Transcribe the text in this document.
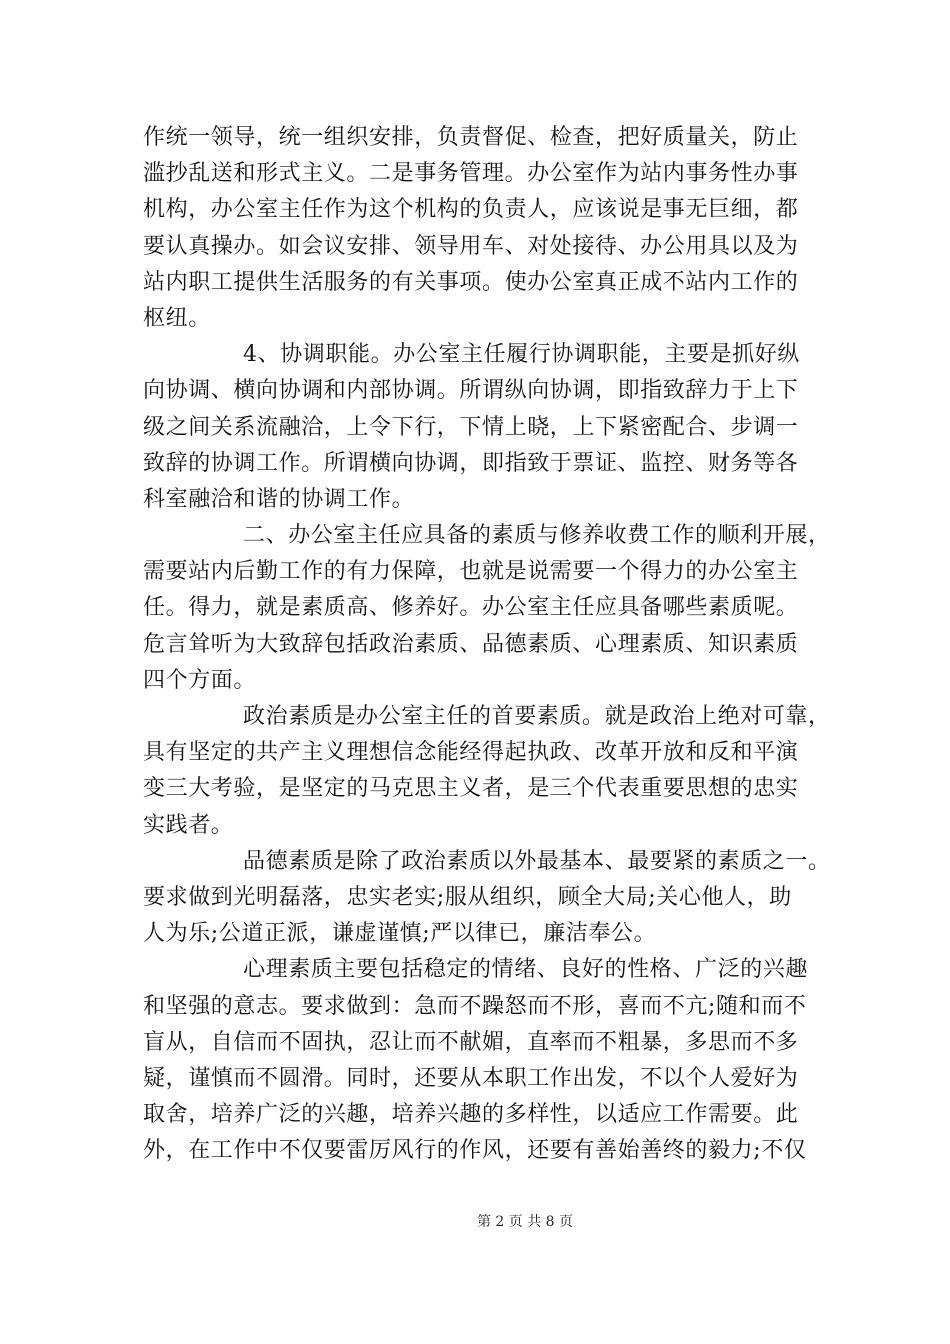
作统一领导，统一组织安排，负责督促、检查，把好质量关，防止
滥抄乱送和形式主义。二是事务管理。办公室作为站内事务性办事
机构，办公室主任作为这个机构的负责人，应该说是事无巨细，都
要认真操办。如会议安排、领导用车、对处接待、办公用具以及为
站内职工提供生活服务的有关事项。使办公室真正成不站内工作的
枢纽。
4、协调职能。办公室主任履行协调职能，主要是抓好纵
向协调、横向协调和内部协调。所谓纵向协调，即指致辞力于上下
级之间关系流融洽，上令下行，下情上晓，上下紧密配合、步调一
致辞的协调工作。所谓横向协调，即指致于票证、监控、财务等各
科室融洽和谐的协调工作。
二、办公室主任应具备的素质与修养收费工作的顺利开展，
需要站内后勤工作的有力保障，也就是说需要一个得力的办公室主
任。得力，就是素质高、修养好。办公室主任应具备哪些素质呢。
危言耸听为大致辞包括政治素质、品德素质、心理素质、知识素质
四个方面。
政治素质是办公室主任的首要素质。就是政治上绝对可靠，
具有坚定的共产主义理想信念能经得起执政、改革开放和反和平演
变三大考验，是坚定的马克思主义者，是三个代表重要思想的忠实
实践者。
品德素质是除了政治素质以外最基本、最要紧的素质之一。
要求做到光明磊落，忠实老实;服从组织，顾全大局;关心他人，助
人为乐;公道正派，谦虚谨慎;严以律已，廉洁奉公。
心理素质主要包括稳定的情绪、良好的性格、广泛的兴趣
和坚强的意志。要求做到：急而不躁怒而不形，喜而不亢;随和而不
盲从，自信而不固执，忍让而不献媚，直率而不粗暴，多思而不多
疑，谨慎而不圆滑。同时，还要从本职工作出发，不以个人爱好为
取舍，培养广泛的兴趣，培养兴趣的多样性，以适应工作需要。此
外，在工作中不仅要雷厉风行的作风，还要有善始善终的毅力;不仅
第 2 页 共 8 页
